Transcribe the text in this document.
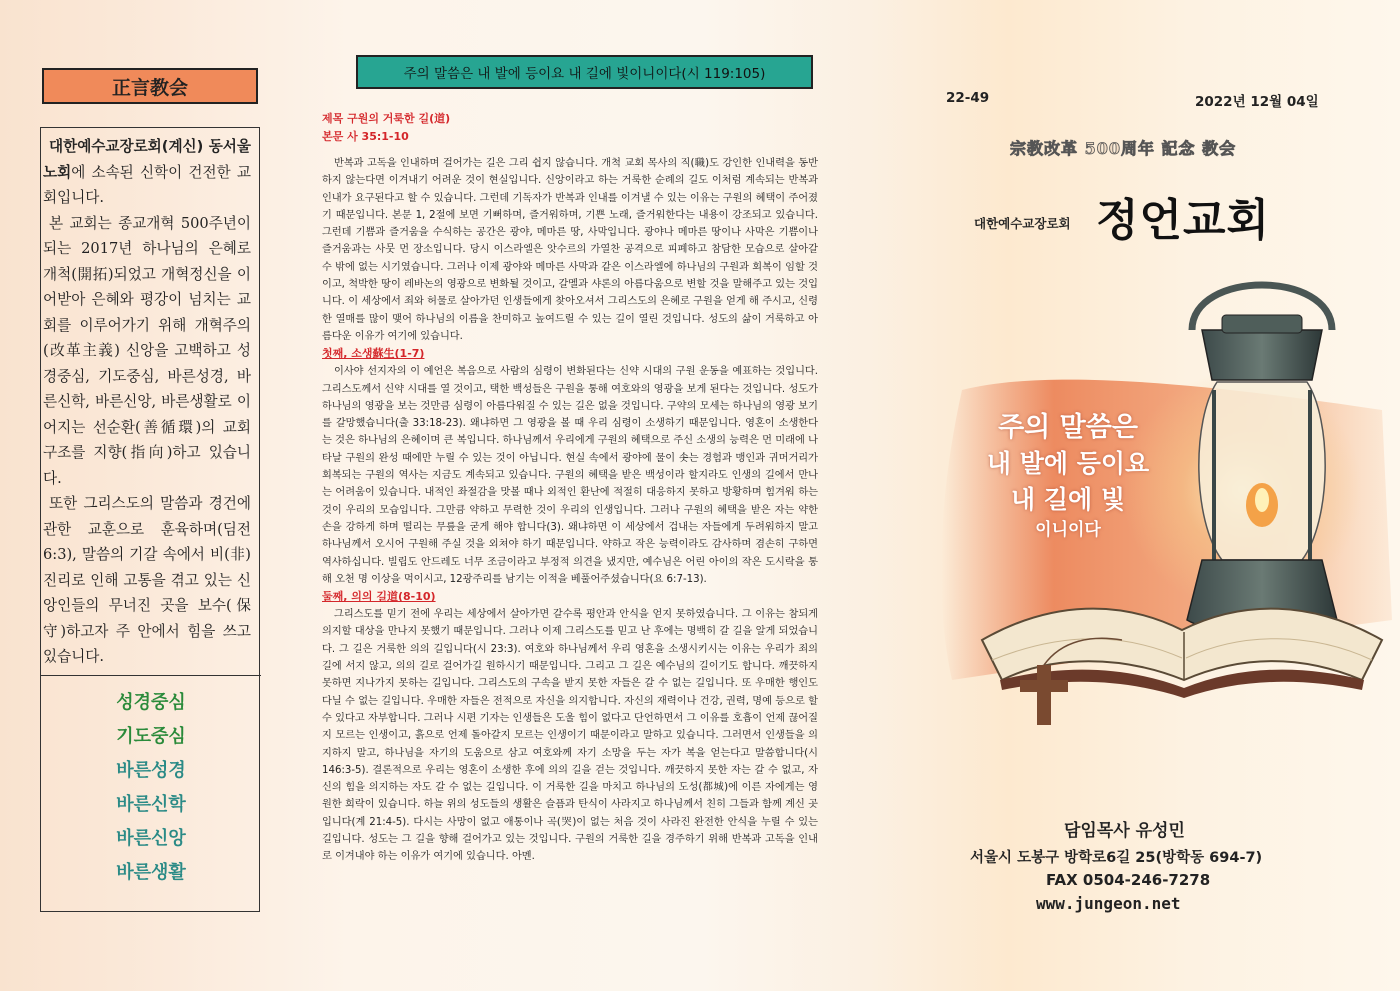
正言教会

대한예수교장로회(계신) 동서울 노회에 소속된 신학이 건전한 교회입니다.

본 교회는 종교개혁 500주년이 되는 2017년 하나님의 은혜로 개척(開拓)되었고 개혁정신을 이어받아 은혜와 평강이 넘치는 교회를 이루어가기 위해 개혁주의(改革主義) 신앙을 고백하고 성경중심, 기도중심, 바른성경, 바른신학, 바른신앙, 바른생활로 이어지는 선순환(善循環)의 교회 구조를 지향(指向)하고 있습니다.

또한 그리스도의 말씀과 경건에 관한 교훈으로 훈육하며(딤전 6:3), 말씀의 기갈 속에서 비(非) 진리로 인해 고통을 겪고 있는 신앙인들의 무너진 곳을 보수(保守)하고자 주 안에서 힘을 쓰고 있습니다.

성경중심
기도중심
바른성경
바른신학
바른신앙
바른생활
주의 말씀은 내 발에 등이요 내 길에 빛이니이다(시 119:105)
제목 구원의 거룩한 길(道)
본문 사 35:1-10

반복과 고독을 인내하며 걸어가는 길은 그리 쉽지 않습니다. 개척 교회 목사의 직(職)도 강인한 인내력을 동반하지 않는다면 이겨내기 어려운 것이 현실입니다. 신앙이라고 하는 거룩한 순례의 길도 이처럼 계속되는 반복과 인내가 요구된다고 할 수 있습니다. 그런데 기독자가 반복과 인내를 이겨낼 수 있는 이유는 구원의 혜택이 주어졌기 때문입니다. 본문 1, 2절에 보면 기뻐하며, 즐거워하며, 기쁜 노래, 즐거워한다는 내용이 강조되고 있습니다. 그런데 기쁨과 즐거움을 수식하는 공간은 광야, 메마른 땅, 사막입니다. 광야나 메마른 땅이나 사막은 기쁨이나 즐거움과는 사뭇 먼 장소입니다. 당시 이스라엘은 앗수르의 가열찬 공격으로 피폐하고 참담한 모습으로 살아갈 수 밖에 없는 시기였습니다. 그러나 이제 광야와 메마른 사막과 같은 이스라엘에 하나님의 구원과 회복이 임할 것이고, 척박한 땅이 레바논의 영광으로 변화될 것이고, 갈멜과 샤론의 아름다움으로 변할 것을 말해주고 있는 것입니다. 이 세상에서 죄와 허물로 살아가던 인생들에게 찾아오셔서 그리스도의 은혜로 구원을 얻게 해 주시고, 신령한 열매를 많이 맺어 하나님의 이름을 찬미하고 높여드릴 수 있는 길이 열린 것입니다. 성도의 삶이 거룩하고 아름다운 이유가 여기에 있습니다.

첫째, 소생蘇生(1-7)

이사야 선지자의 이 예언은 복음으로 사람의 심령이 변화된다는 신약 시대의 구원 운동을 예표하는 것입니다. 그리스도께서 신약 시대를 열 것이고, 택한 백성들은 구원을 통해 여호와의 영광을 보게 된다는 것입니다. 성도가 하나님의 영광을 보는 것만큼 심령이 아름다워질 수 있는 길은 없을 것입니다. 구약의 모세는 하나님의 영광 보기를 갈망했습니다(출 33:18-23). 왜냐하면 그 영광을 볼 때 우리 심령이 소생하기 때문입니다. 영혼이 소생한다는 것은 하나님의 은혜이며 큰 복입니다. 하나님께서 우리에게 구원의 혜택으로 주신 소생의 능력은 먼 미래에 나타날 구원의 완성 때에만 누릴 수 있는 것이 아닙니다. 현실 속에서 광야에 물이 솟는 경험과 맹인과 귀머거리가 회복되는 구원의 역사는 지금도 계속되고 있습니다. 구원의 혜택을 받은 백성이라 할지라도 인생의 길에서 만나는 어려움이 있습니다. 내적인 좌절감을 맛볼 때나 외적인 환난에 적절히 대응하지 못하고 방황하며 힘겨워 하는 것이 우리의 모습입니다. 그만큼 약하고 무력한 것이 우리의 인생입니다. 그러나 구원의 혜택을 받은 자는 약한 손을 강하게 하며 떨리는 무릎을 굳게 해야 합니다(3). 왜냐하면 이 세상에서 겁내는 자들에게 두려워하지 말고 하나님께서 오시어 구원해 주실 것을 외쳐야 하기 때문입니다. 약하고 작은 능력이라도 감사하며 겸손히 구하면 역사하십니다. 빌립도 안드레도 너무 조금이라고 부정적 의견을 냈지만, 예수님은 어린 아이의 작은 도시락을 통해 오천 명 이상을 먹이시고, 12광주리를 남기는 이적을 베풀어주셨습니다(요 6:7-13).

둘째, 의의 길道(8-10)

그리스도를 믿기 전에 우리는 세상에서 살아가면 갈수록 평안과 안식을 얻지 못하였습니다. 그 이유는 참되게 의지할 대상을 만나지 못했기 때문입니다. 그러나 이제 그리스도를 믿고 난 후에는 명백히 갈 길을 알게 되었습니다. 그 길은 거룩한 의의 길입니다(시 23:3). 여호와 하나님께서 우리 영혼을 소생시키시는 이유는 우리가 죄의 길에 서지 않고, 의의 길로 걸어가길 원하시기 때문입니다. 그리고 그 길은 예수님의 길이기도 합니다. 깨끗하지 못하면 지나가지 못하는 길입니다. 그리스도의 구속을 받지 못한 자들은 갈 수 없는 길입니다. 또 우매한 행인도 다닐 수 없는 길입니다. 우매한 자들은 전적으로 자신을 의지합니다. 자신의 재력이나 건강, 권력, 명예 등으로 할 수 있다고 자부합니다. 그러나 시편 기자는 인생들은 도울 힘이 없다고 단언하면서 그 이유를 호흡이 언제 끊어질지 모르는 인생이고, 흙으로 언제 돌아갈지 모르는 인생이기 때문이라고 말하고 있습니다. 그러면서 인생들을 의지하지 말고, 하나님을 자기의 도움으로 삼고 여호와께 자기 소망을 두는 자가 복을 얻는다고 말씀합니다(시 146:3-5). 결론적으로 우리는 영혼이 소생한 후에 의의 길을 걷는 것입니다. 깨끗하지 못한 자는 갈 수 없고, 자신의 힘을 의지하는 자도 갈 수 없는 길입니다. 이 거룩한 길을 마치고 하나님의 도성(都城)에 이른 자에게는 영원한 희락이 있습니다. 하늘 위의 성도들의 생활은 슬픔과 탄식이 사라지고 하나님께서 친히 그들과 함께 계신 곳입니다(계 21:4-5). 다시는 사망이 없고 애통이나 곡(哭)이 없는 처음 것이 사라진 완전한 안식을 누릴 수 있는 길입니다. 성도는 그 길을 향해 걸어가고 있는 것입니다. 구원의 거룩한 길을 경주하기 위해 반복과 고독을 인내로 이겨내야 하는 이유가 여기에 있습니다. 아멘.

22-49	2022년 12월 04일
宗教改革 500周年 記念 教会
대한예수교장로회 정언교회
주의 말씀은
내 발에 등이요
내 길에 빛
이니이다
담임목사 유성민
서울시 도봉구 방학로6길 25(방학동 694-7)
FAX 0504-246-7278
www.jungeon.net
